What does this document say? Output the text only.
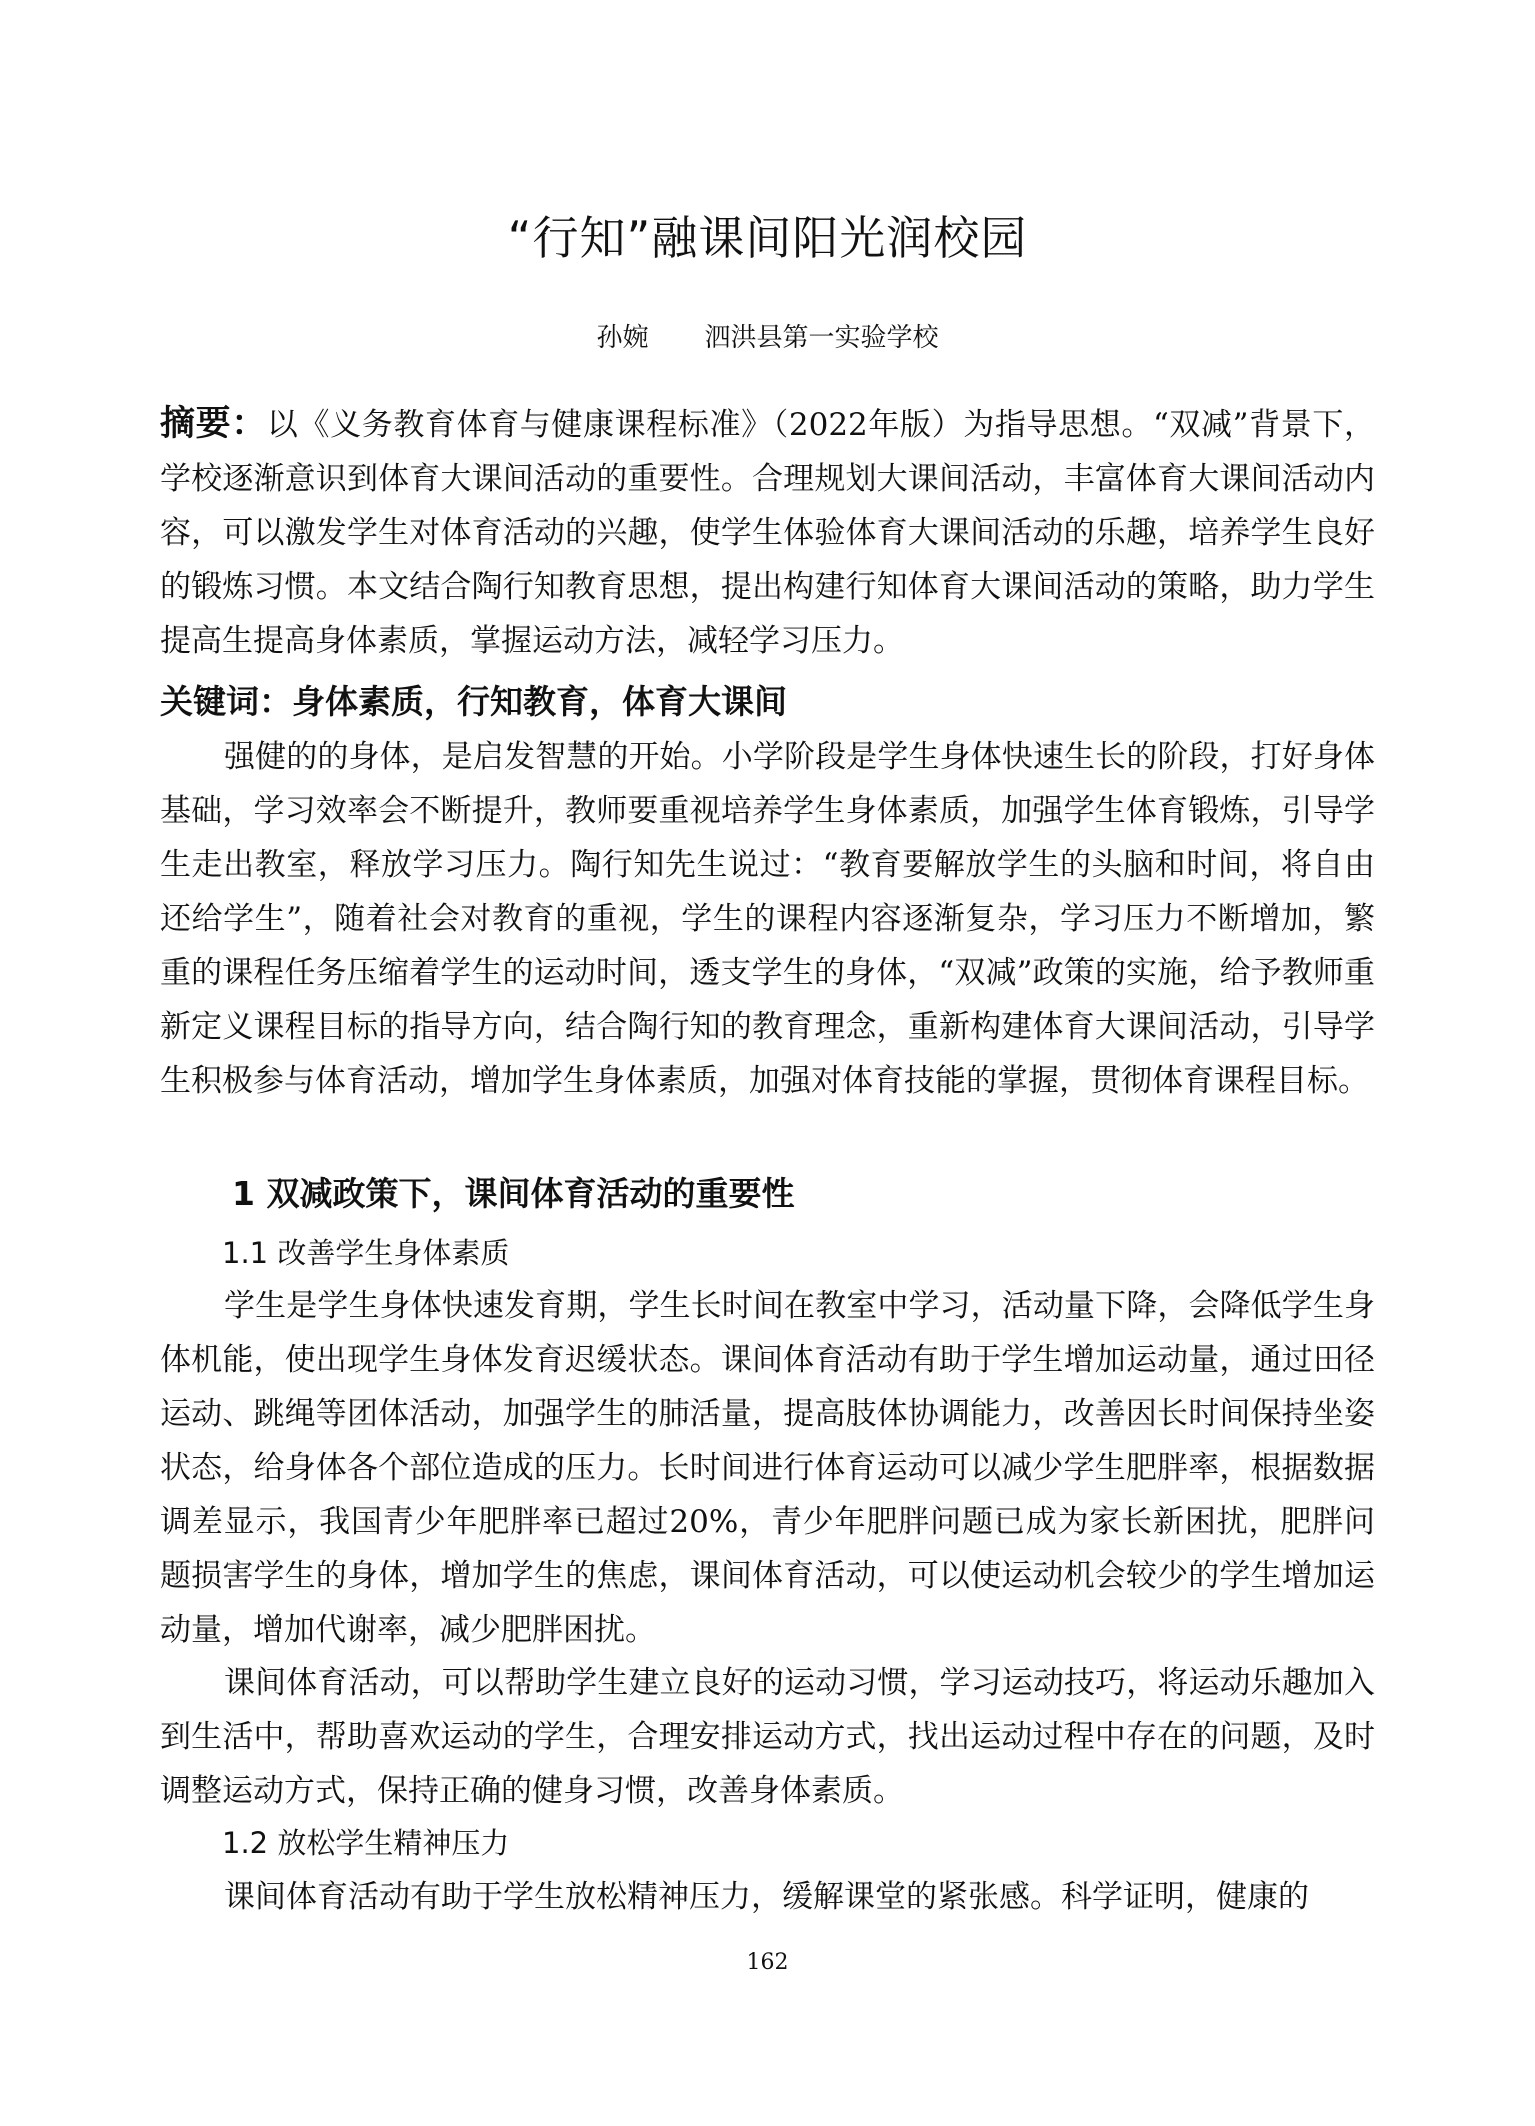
“行知”融课间阳光润校园
孙婉 泗洪县第一实验学校
摘要：以《义务教育体育与健康课程标准》（2022年版）为指导思想。“双减”背景下，学校逐渐意识到体育大课间活动的重要性。合理规划大课间活动，丰富体育大课间活动内容，可以激发学生对体育活动的兴趣，使学生体验体育大课间活动的乐趣，培养学生良好的锻炼习惯。本文结合陶行知教育思想，提出构建行知体育大课间活动的策略，助力学生提高生提高身体素质，掌握运动方法，减轻学习压力。
关键词：身体素质，行知教育，体育大课间

强健的的身体，是启发智慧的开始。小学阶段是学生身体快速生长的阶段，打好身体基础，学习效率会不断提升，教师要重视培养学生身体素质，加强学生体育锻炼，引导学生走出教室，释放学习压力。陶行知先生说过：“教育要解放学生的头脑和时间，将自由还给学生”，随着社会对教育的重视，学生的课程内容逐渐复杂，学习压力不断增加，繁重的课程任务压缩着学生的运动时间，透支学生的身体，“双减”政策的实施，给予教师重新定义课程目标的指导方向，结合陶行知的教育理念，重新构建体育大课间活动，引导学生积极参与体育活动，增加学生身体素质，加强对体育技能的掌握，贯彻体育课程目标。

1 双减政策下，课间体育活动的重要性
1.1 改善学生身体素质

学生是学生身体快速发育期，学生长时间在教室中学习，活动量下降，会降低学生身体机能，使出现学生身体发育迟缓状态。课间体育活动有助于学生增加运动量，通过田径运动、跳绳等团体活动，加强学生的肺活量，提高肢体协调能力，改善因长时间保持坐姿状态，给身体各个部位造成的压力。长时间进行体育运动可以减少学生肥胖率，根据数据调差显示，我国青少年肥胖率已超过20%，青少年肥胖问题已成为家长新困扰，肥胖问题损害学生的身体，增加学生的焦虑，课间体育活动，可以使运动机会较少的学生增加运动量，增加代谢率，减少肥胖困扰。

课间体育活动，可以帮助学生建立良好的运动习惯，学习运动技巧，将运动乐趣加入到生活中，帮助喜欢运动的学生，合理安排运动方式，找出运动过程中存在的问题，及时调整运动方式，保持正确的健身习惯，改善身体素质。

1.2 放松学生精神压力

课间体育活动有助于学生放松精神压力，缓解课堂的紧张感。科学证明，健康的

162
